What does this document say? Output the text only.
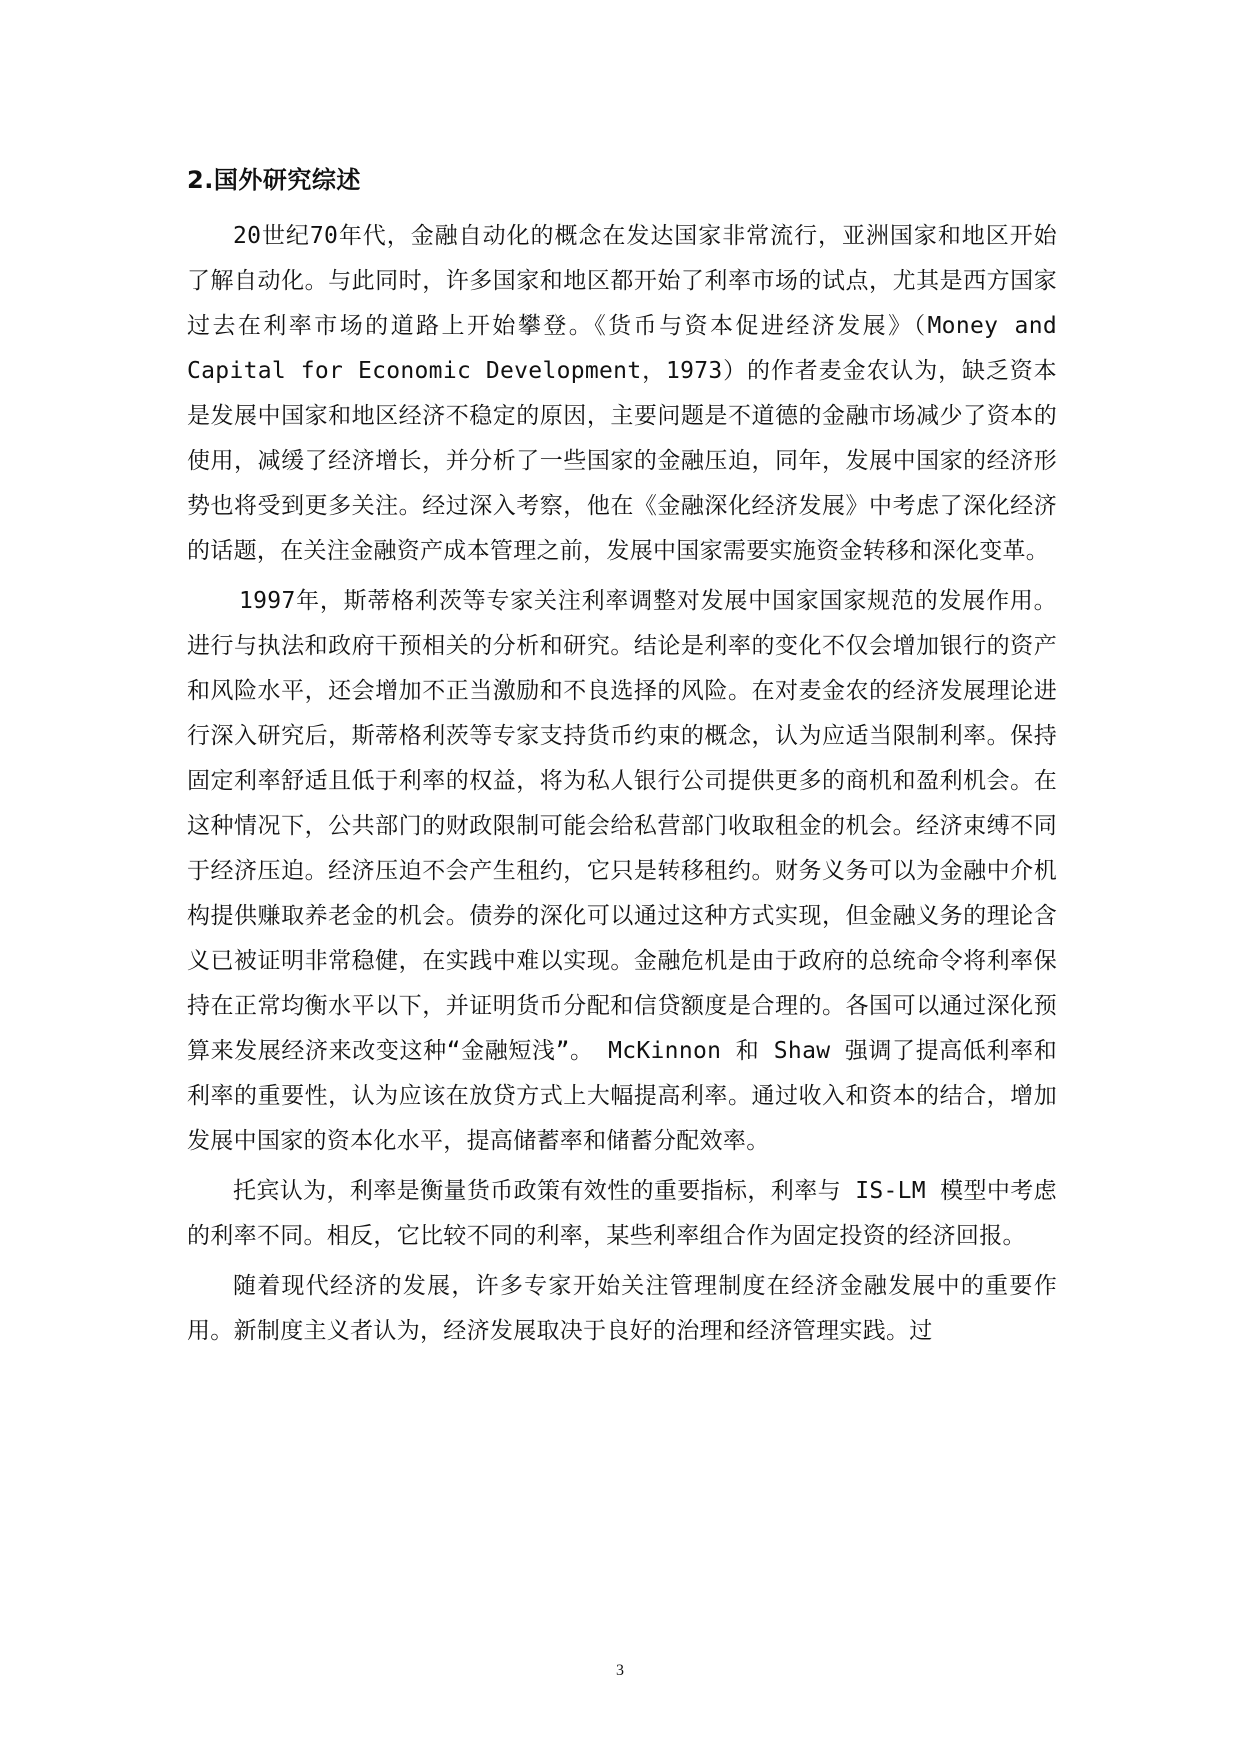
2.国外研究综述

20世纪70年代，金融自动化的概念在发达国家非常流行，亚洲国家和地区开始了解自动化。与此同时，许多国家和地区都开始了利率市场的试点，尤其是西方国家过去在利率市场的道路上开始攀登。《货币与资本促进经济发展》（Money and Capital for Economic Development，1973）的作者麦金农认为，缺乏资本是发展中国家和地区经济不稳定的原因，主要问题是不道德的金融市场减少了资本的使用，减缓了经济增长，并分析了一些国家的金融压迫，同年，发展中国家的经济形势也将受到更多关注。经过深入考察，他在《金融深化经济发展》中考虑了深化经济的话题，在关注金融资产成本管理之前，发展中国家需要实施资金转移和深化变革。

1997年，斯蒂格利茨等专家关注利率调整对发展中国家国家规范的发展作用。进行与执法和政府干预相关的分析和研究。结论是利率的变化不仅会增加银行的资产和风险水平，还会增加不正当激励和不良选择的风险。在对麦金农的经济发展理论进行深入研究后，斯蒂格利茨等专家支持货币约束的概念，认为应适当限制利率。保持固定利率舒适且低于利率的权益，将为私人银行公司提供更多的商机和盈利机会。在这种情况下，公共部门的财政限制可能会给私营部门收取租金的机会。经济束缚不同于经济压迫。经济压迫不会产生租约，它只是转移租约。财务义务可以为金融中介机构提供赚取养老金的机会。债券的深化可以通过这种方式实现，但金融义务的理论含义已被证明非常稳健，在实践中难以实现。金融危机是由于政府的总统命令将利率保持在正常均衡水平以下，并证明货币分配和信贷额度是合理的。各国可以通过深化预算来发展经济来改变这种“金融短浅”。 McKinnon 和 Shaw 强调了提高低利率和利率的重要性，认为应该在放贷方式上大幅提高利率。通过收入和资本的结合，增加发展中国家的资本化水平，提高储蓄率和储蓄分配效率。

托宾认为，利率是衡量货币政策有效性的重要指标，利率与 IS-LM 模型中考虑的利率不同。相反，它比较不同的利率，某些利率组合作为固定投资的经济回报。

随着现代经济的发展，许多专家开始关注管理制度在经济金融发展中的重要作用。新制度主义者认为，经济发展取决于良好的治理和经济管理实践。过

3
